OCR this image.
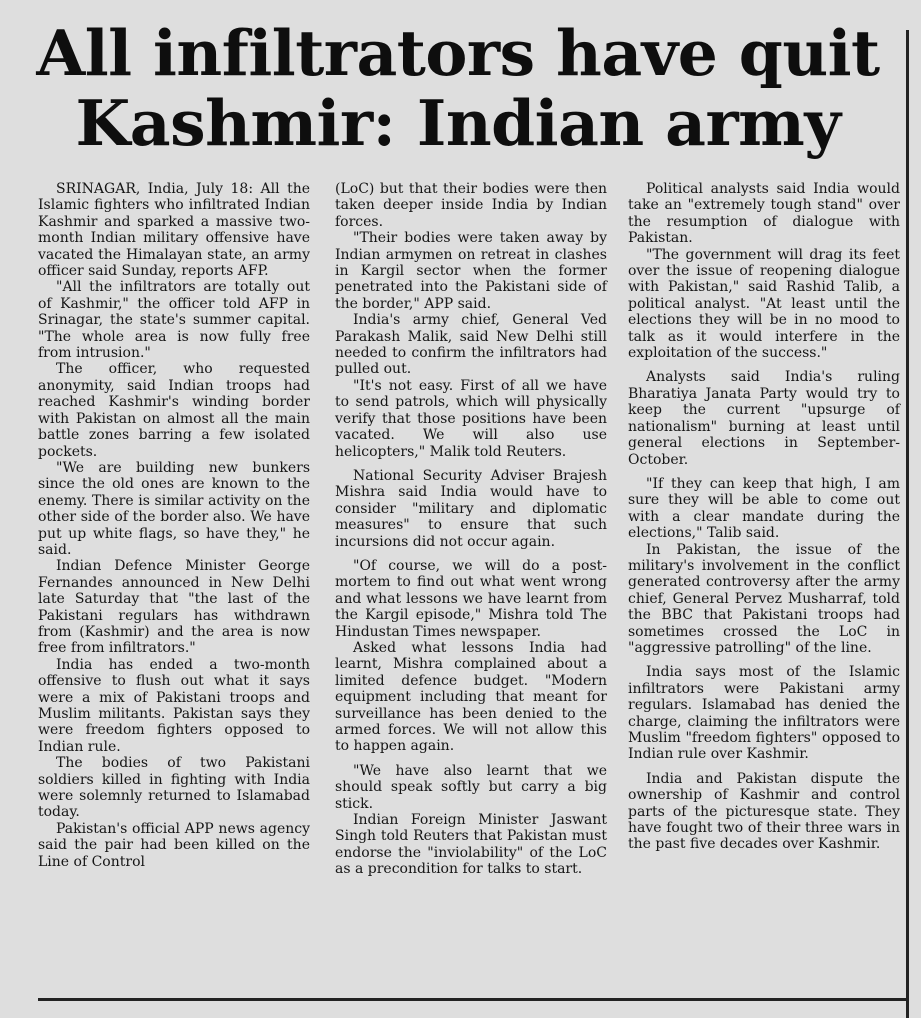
All infiltrators have quit
Kashmir: Indian army

SRINAGAR, India, July 18: All the Islamic fighters who infiltrated Indian Kashmir and sparked a massive two-month Indian military offensive have vacated the Himalayan state, an army officer said Sunday, reports AFP.

"All the infiltrators are totally out of Kashmir," the officer told AFP in Srinagar, the state's summer capital. "The whole area is now fully free from intrusion."

The officer, who requested anonymity, said Indian troops had reached Kashmir's winding border with Pakistan on almost all the main battle zones barring a few isolated pockets.

"We are building new bunkers since the old ones are known to the enemy. There is similar activity on the other side of the border also. We have put up white flags, so have they," he said.

Indian Defence Minister George Fernandes announced in New Delhi late Saturday that "the last of the Pakistani regulars has withdrawn from (Kashmir) and the area is now free from infiltrators."

India has ended a two-month offensive to flush out what it says were a mix of Pakistani troops and Muslim militants. Pakistan says they were freedom fighters opposed to Indian rule.

The bodies of two Pakistani soldiers killed in fighting with India were solemnly returned to Islamabad today.

Pakistan's official APP news agency said the pair had been killed on the Line of Control

(LoC) but that their bodies were then taken deeper inside India by Indian forces.

"Their bodies were taken away by Indian armymen on retreat in clashes in Kargil sector when the former penetrated into the Pakistani side of the border," APP said.

India's army chief, General Ved Parakash Malik, said New Delhi still needed to confirm the infiltrators had pulled out.

"It's not easy. First of all we have to send patrols, which will physically verify that those positions have been vacated. We will also use helicopters," Malik told Reuters.

National Security Adviser Brajesh Mishra said India would have to consider "military and diplomatic measures" to ensure that such incursions did not occur again.

"Of course, we will do a post-mortem to find out what went wrong and what lessons we have learnt from the Kargil episode," Mishra told The Hindustan Times newspaper.

Asked what lessons India had learnt, Mishra complained about a limited defence budget. "Modern equipment including that meant for surveillance has been denied to the armed forces. We will not allow this to happen again.

"We have also learnt that we should speak softly but carry a big stick.

Indian Foreign Minister Jaswant Singh told Reuters that Pakistan must endorse the "inviolability" of the LoC as a precondition for talks to start.

Political analysts said India would take an "extremely tough stand" over the resumption of dialogue with Pakistan.

"The government will drag its feet over the issue of reopening dialogue with Pakistan," said Rashid Talib, a political analyst. "At least until the elections they will be in no mood to talk as it would interfere in the exploitation of the success."

Analysts said India's ruling Bharatiya Janata Party would try to keep the current "upsurge of nationalism" burning at least until general elections in September-October.

"If they can keep that high, I am sure they will be able to come out with a clear mandate during the elections," Talib said.

In Pakistan, the issue of the military's involvement in the conflict generated controversy after the army chief, General Pervez Musharraf, told the BBC that Pakistani troops had sometimes crossed the LoC in "aggressive patrolling" of the line.

India says most of the Islamic infiltrators were Pakistani army regulars. Islamabad has denied the charge, claiming the infiltrators were Muslim "freedom fighters" opposed to Indian rule over Kashmir.

India and Pakistan dispute the ownership of Kashmir and control parts of the picturesque state. They have fought two of their three wars in the past five decades over Kashmir.
